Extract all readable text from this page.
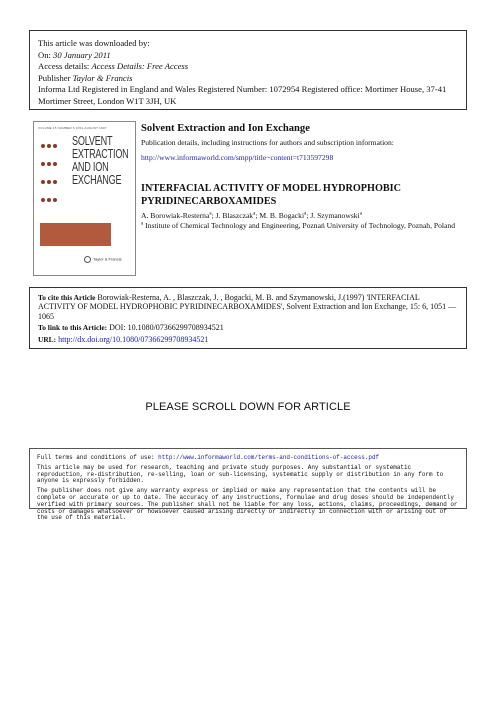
This article was downloaded by:
On: 30 January 2011
Access details: Access Details: Free Access
Publisher Taylor & Francis
Informa Ltd Registered in England and Wales Registered Number: 1072954 Registered office: Mortimer House, 37-41 Mortimer Street, London W1T 3JH, UK
VOLUME 15 NUMBER 6 1051-AUGUST 1997

SOLVENT
EXTRACTION
AND ION
EXCHANGE
Taylor & Francis
Solvent Extraction and Ion Exchange
Publication details, including instructions for authors and subscription information:
http://www.informaworld.com/smpp/title~content=t713597298
INTERFACIAL ACTIVITY OF MODEL HYDROPHOBIC
PYRIDINECARBOXAMIDES
A. Borowiak-Resterna$^a$; J. Blaszczak$^a$; M. B. Bogacki$^a$; J. Szymanowski$^a$
$^a$ Institute of Chemical Technology and Engineering, Poznań University of Technology, Poznah, Poland
To cite this Article Borowiak-Resterna, A. , Blaszczak, J. , Bogacki, M. B. and Szymanowski, J.(1997) 'INTERFACIAL ACTIVITY OF MODEL HYDROPHOBIC PYRIDINECARBOXAMIDES', Solvent Extraction and Ion Exchange, 15: 6, 1051 — 1065
To link to this Article: DOI: 10.1080/07366299708934521
URL: http://dx.doi.org/10.1080/07366299708934521
PLEASE SCROLL DOWN FOR ARTICLE

Full terms and conditions of use: http://www.informaworld.com/terms-and-conditions-of-access.pdf

This article may be used for research, teaching and private study purposes. Any substantial or systematic reproduction, re-distribution, re-selling, loan or sub-licensing, systematic supply or distribution in any form to anyone is expressly forbidden.

The publisher does not give any warranty express or implied or make any representation that the contents will be complete or accurate or up to date. The accuracy of any instructions, formulae and drug doses should be independently verified with primary sources. The publisher shall not be liable for any loss, actions, claims, proceedings, demand or costs or damages whatsoever or howsoever caused arising directly or indirectly in connection with or arising out of the use of this material.
